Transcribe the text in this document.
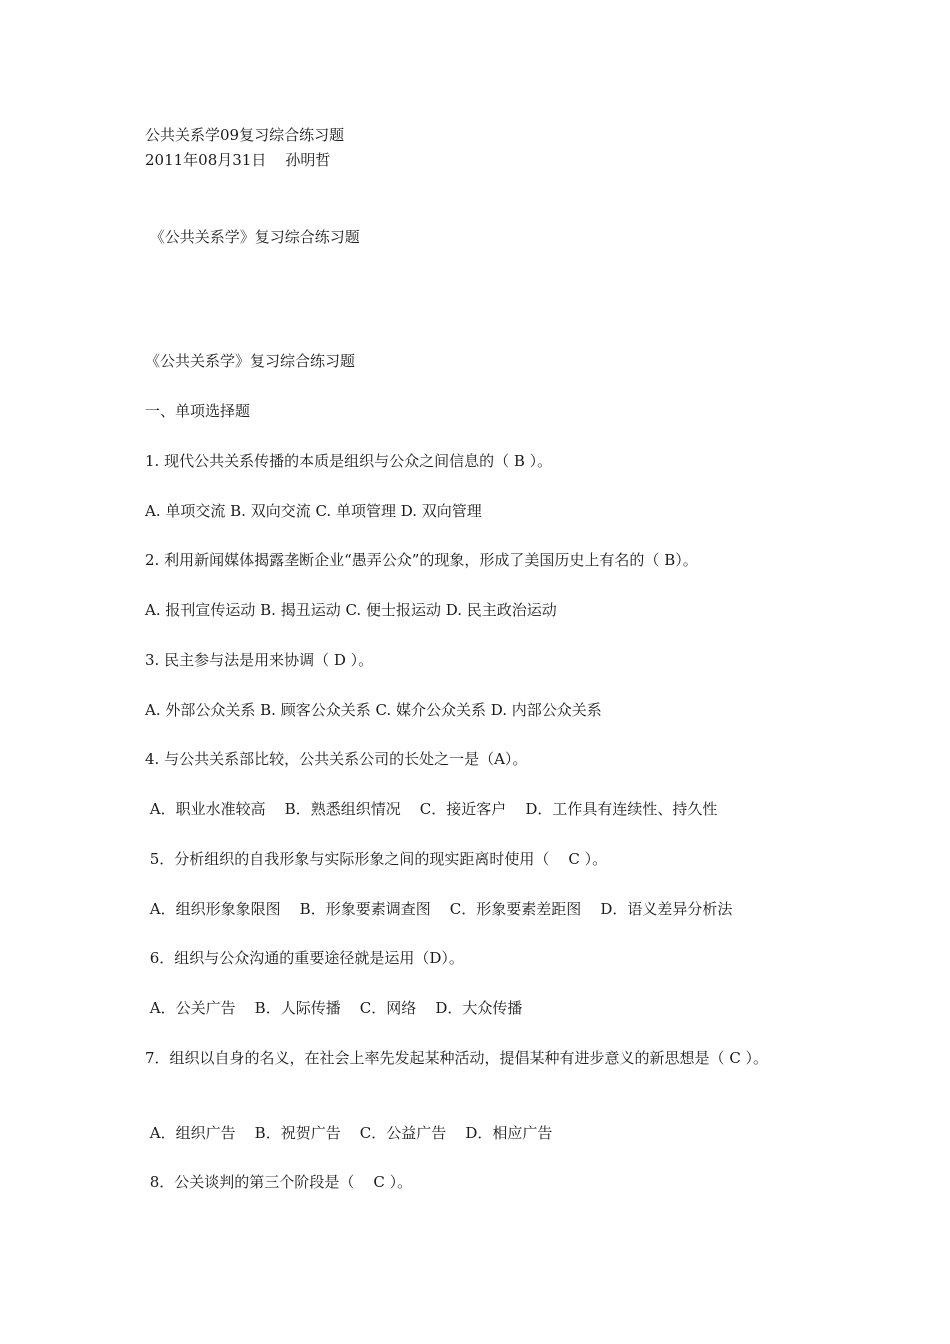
公共关系学09复习综合练习题
2011年08月31日    孙明哲
《公共关系学》复习综合练习题
《公共关系学》复习综合练习题
一、单项选择题
1. 现代公共关系传播的本质是组织与公众之间信息的（ B ）。
A. 单项交流 B. 双向交流 C. 单项管理 D. 双向管理
2. 利用新闻媒体揭露垄断企业“愚弄公众”的现象，形成了美国历史上有名的（ B）。
A. 报刊宣传运动 B. 揭丑运动 C. 便士报运动 D. 民主政治运动
3. 民主参与法是用来协调（ D ）。
A. 外部公众关系 B. 顾客公众关系 C. 媒介公众关系 D. 内部公众关系
4. 与公共关系部比较，公共关系公司的长处之一是（A）。
A．职业水准较高    B．熟悉组织情况    C．接近客户    D．工作具有连续性、持久性
5．分析组织的自我形象与实际形象之间的现实距离时使用（    C ）。
A．组织形象象限图    B．形象要素调查图    C．形象要素差距图    D．语义差异分析法
6．组织与公众沟通的重要途径就是运用（D）。
A．公关广告    B．人际传播    C．网络    D．大众传播
7．组织以自身的名义，在社会上率先发起某种活动，提倡某种有进步意义的新思想是（ C ）。
A．组织广告    B．祝贺广告    C．公益广告    D．相应广告
8．公关谈判的第三个阶段是（    C ）。
